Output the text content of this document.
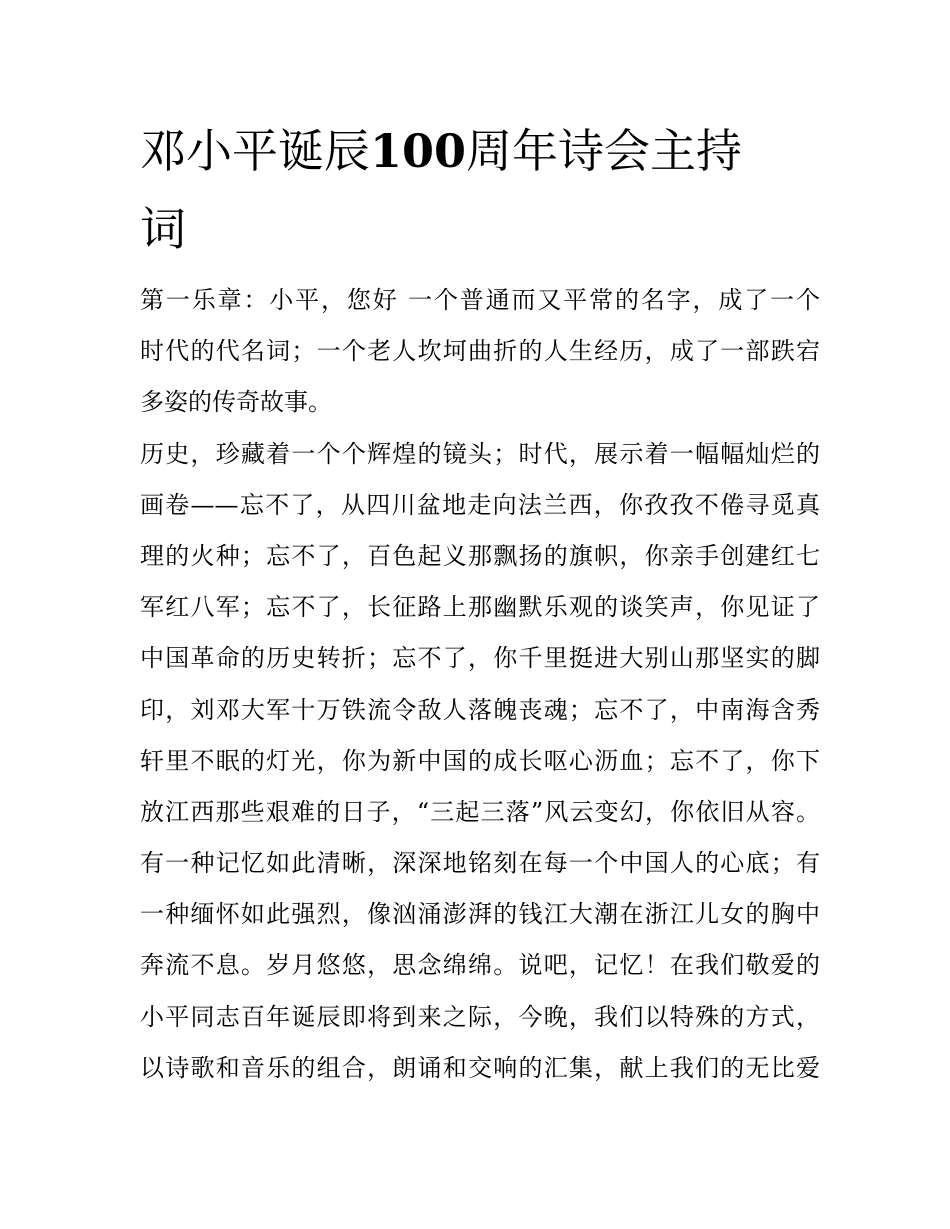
邓小平诞辰100周年诗会主持
词
第一乐章：小平，您好 一个普通而又平常的名字，成了一个
时代的代名词；一个老人坎坷曲折的人生经历，成了一部跌宕
多姿的传奇故事。
历史，珍藏着一个个辉煌的镜头；时代，展示着一幅幅灿烂的
画卷——忘不了，从四川盆地走向法兰西，你孜孜不倦寻觅真
理的火种；忘不了，百色起义那飘扬的旗帜，你亲手创建红七
军红八军；忘不了，长征路上那幽默乐观的谈笑声，你见证了
中国革命的历史转折；忘不了，你千里挺进大别山那坚实的脚
印，刘邓大军十万铁流令敌人落魄丧魂；忘不了，中南海含秀
轩里不眠的灯光，你为新中国的成长呕心沥血；忘不了，你下
放江西那些艰难的日子，“三起三落”风云变幻，你依旧从容。
有一种记忆如此清晰，深深地铭刻在每一个中国人的心底；有
一种缅怀如此强烈，像汹涌澎湃的钱江大潮在浙江儿女的胸中
奔流不息。岁月悠悠，思念绵绵。说吧，记忆！在我们敬爱的
小平同志百年诞辰即将到来之际，今晚，我们以特殊的方式，
以诗歌和音乐的组合，朗诵和交响的汇集，献上我们的无比爱
